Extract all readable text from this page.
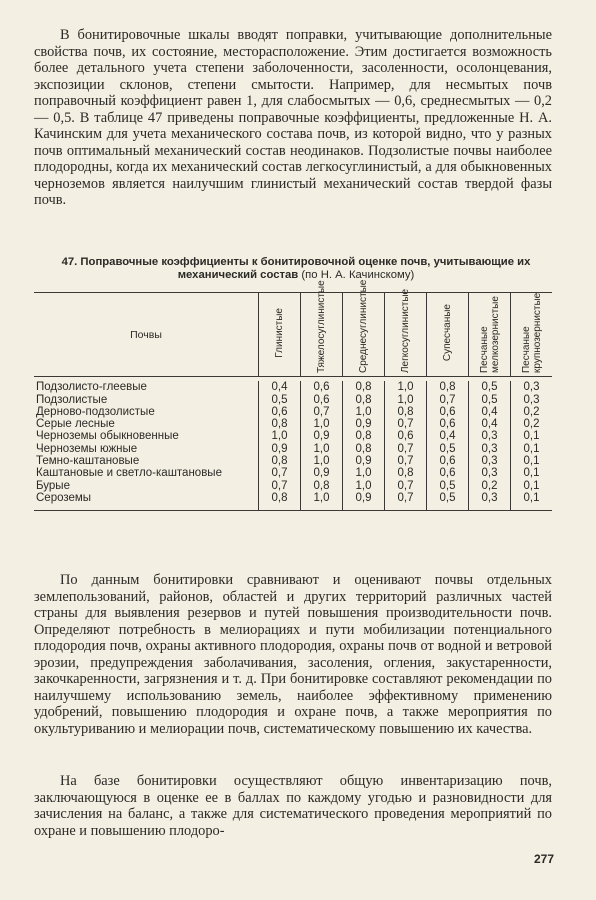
В бонитировочные шкалы вводят поправки, учитывающие дополнительные свойства почв, их состояние, месторасположение. Этим достигается возможность более детального учета степени заболоченности, засоленности, осолонцевания, экспозиции склонов, степени смытости. Например, для несмытых почв поправочный коэффициент равен 1, для слабосмытых — 0,6, среднесмытых — 0,2— 0,5. В таблице 47 приведены поправочные коэффициенты, предложенные Н. А. Качинским для учета механического состава почв, из которой видно, что у разных почв оптимальный механический состав неодинаков. Подзолистые почвы наиболее плодородны, когда их механический состав легкосуглинистый, а для обыкновенных черноземов является наилучшим глинистый механический состав твердой фазы почв.

47. Поправочные коэффициенты к бонитировочной оценке почв, учитывающие их механический состав (по Н. А. Качинскому)

Почвы	Глинистые	Тяжелосуглинистые	Среднесуглинистые	Легкосуглинистые	Супесчаные	Песчаные мелкозернистые	Песчаные крупнозернистые

Подзолисто-глеевые	0,4	0,6	0,8	1,0	0,8	0,5	0,3
Подзолистые	0,5	0,6	0,8	1,0	0,7	0,5	0,3
Дерново-подзолистые	0,6	0,7	1,0	0,8	0,6	0,4	0,2
Серые лесные	0,8	1,0	0,9	0,7	0,6	0,4	0,2
Черноземы обыкновенные	1,0	0,9	0,8	0,6	0,4	0,3	0,1
Черноземы южные	0,9	1,0	0,8	0,7	0,5	0,3	0,1
Темно-каштановые	0,8	1,0	0,9	0,7	0,6	0,3	0,1
Каштановые и светло-каштановые	0,7	0,9	1,0	0,8	0,6	0,3	0,1
Бурые	0,7	0,8	1,0	0,7	0,5	0,2	0,1
Сероземы	0,8	1,0	0,9	0,7	0,5	0,3	0,1

По данным бонитировки сравнивают и оценивают почвы отдельных землепользований, районов, областей и других территорий различных частей страны для выявления резервов и путей повышения производительности почв. Определяют потребность в мелиорациях и пути мобилизации потенциального плодородия почв, охраны активного плодородия, охраны почв от водной и ветровой эрозии, предупреждения заболачивания, засоления, огления, закустаренности, закочкаренности, загрязнения и т. д. При бонитировке составляют рекомендации по наилучшему использованию земель, наиболее эффективному применению удобрений, повышению плодородия и охране почв, а также мероприятия по окультуриванию и мелиорации почв, систематическому повышению их качества.

На базе бонитировки осуществляют общую инвентаризацию почв, заключающуюся в оценке ее в баллах по каждому угодью и разновидности для зачисления на баланс, а также для систематического проведения мероприятий по охране и повышению плодоро-

277
